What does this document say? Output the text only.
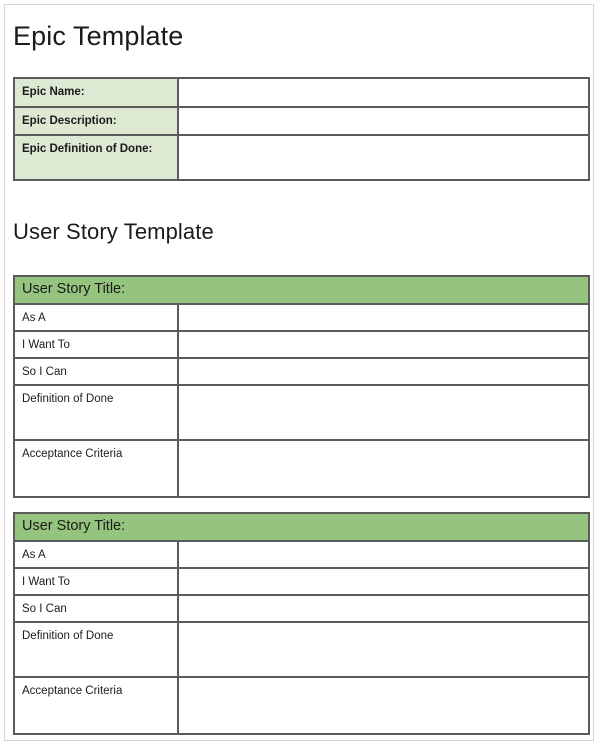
Epic Template
Epic Name:
Epic Description:
Epic Definition of Done:
User Story Template
User Story Title:
As A
I Want To
So I Can
Definition of Done
Acceptance Criteria
User Story Title:
As A
I Want To
So I Can
Definition of Done
Acceptance Criteria
